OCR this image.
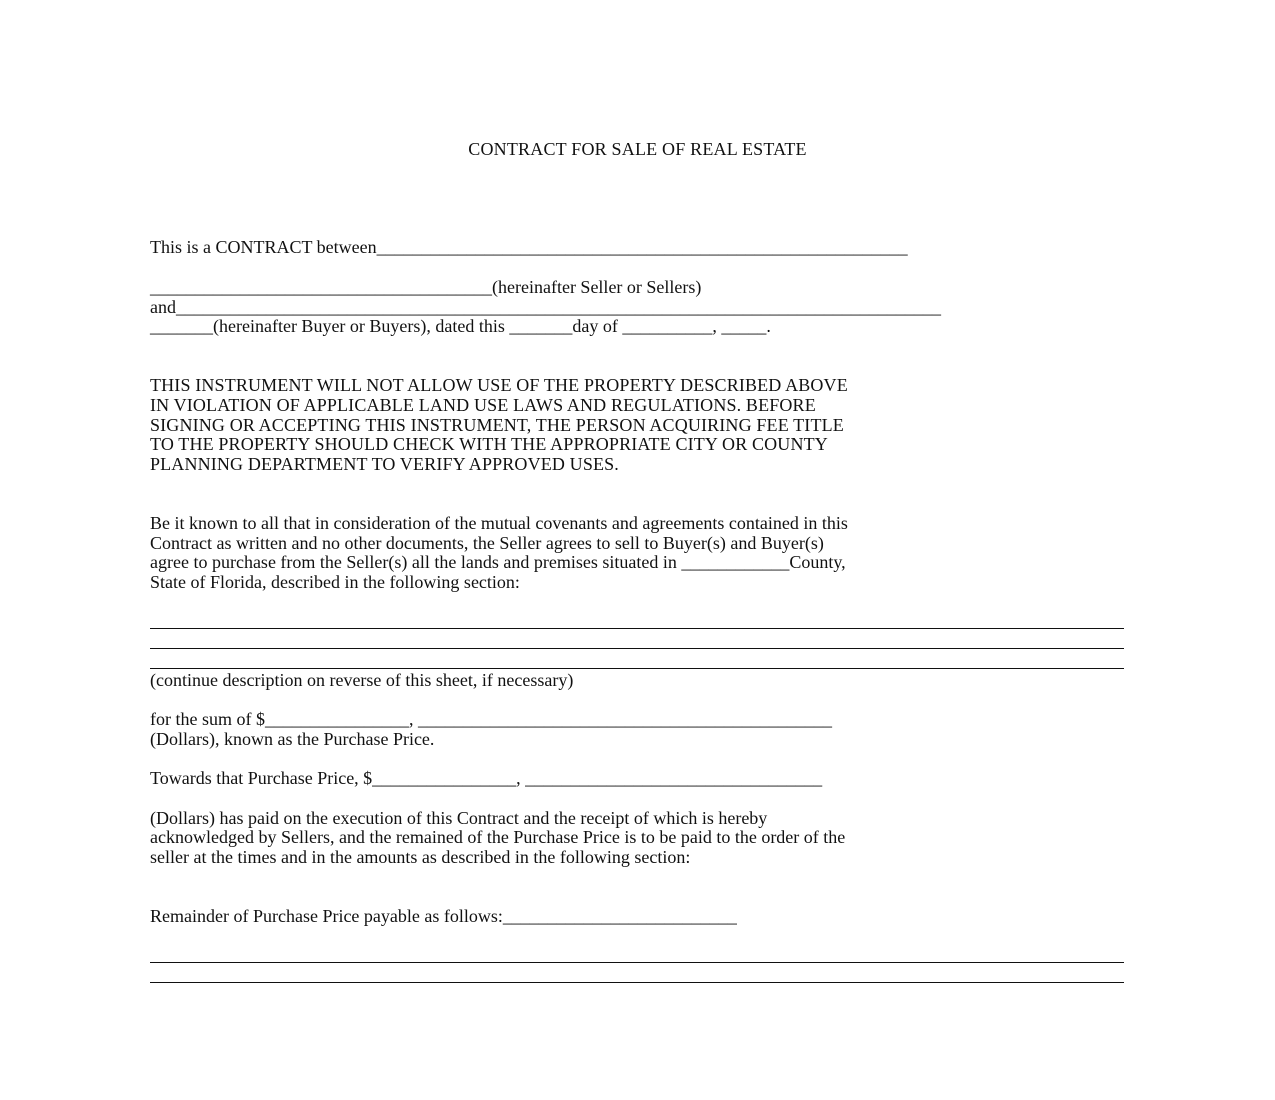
CONTRACT FOR SALE OF REAL ESTATE
This is a CONTRACT between___________________________________________________________
______________________________________(hereinafter Seller or Sellers)
and_____________________________________________________________________________________
_______(hereinafter Buyer or Buyers), dated this _______day of __________, _____.
THIS INSTRUMENT WILL NOT ALLOW USE OF THE PROPERTY DESCRIBED ABOVE
IN VIOLATION OF APPLICABLE LAND USE LAWS AND REGULATIONS. BEFORE
SIGNING OR ACCEPTING THIS INSTRUMENT, THE PERSON ACQUIRING FEE TITLE
TO THE PROPERTY SHOULD CHECK WITH THE APPROPRIATE CITY OR COUNTY
PLANNING DEPARTMENT TO VERIFY APPROVED USES.
Be it known to all that in consideration of the mutual covenants and agreements contained in this
Contract as written and no other documents, the Seller agrees to sell to Buyer(s) and Buyer(s)
agree to purchase from the Seller(s) all the lands and premises situated in ____________County,
State of Florida, described in the following section:
(continue description on reverse of this sheet, if necessary)
for the sum of $________________, ______________________________________________
(Dollars), known as the Purchase Price.
Towards that Purchase Price, $________________, _________________________________
(Dollars) has paid on the execution of this Contract and the receipt of which is hereby
acknowledged by Sellers, and the remained of the Purchase Price is to be paid to the order of the
seller at the times and in the amounts as described in the following section:
Remainder of Purchase Price payable as follows:__________________________
